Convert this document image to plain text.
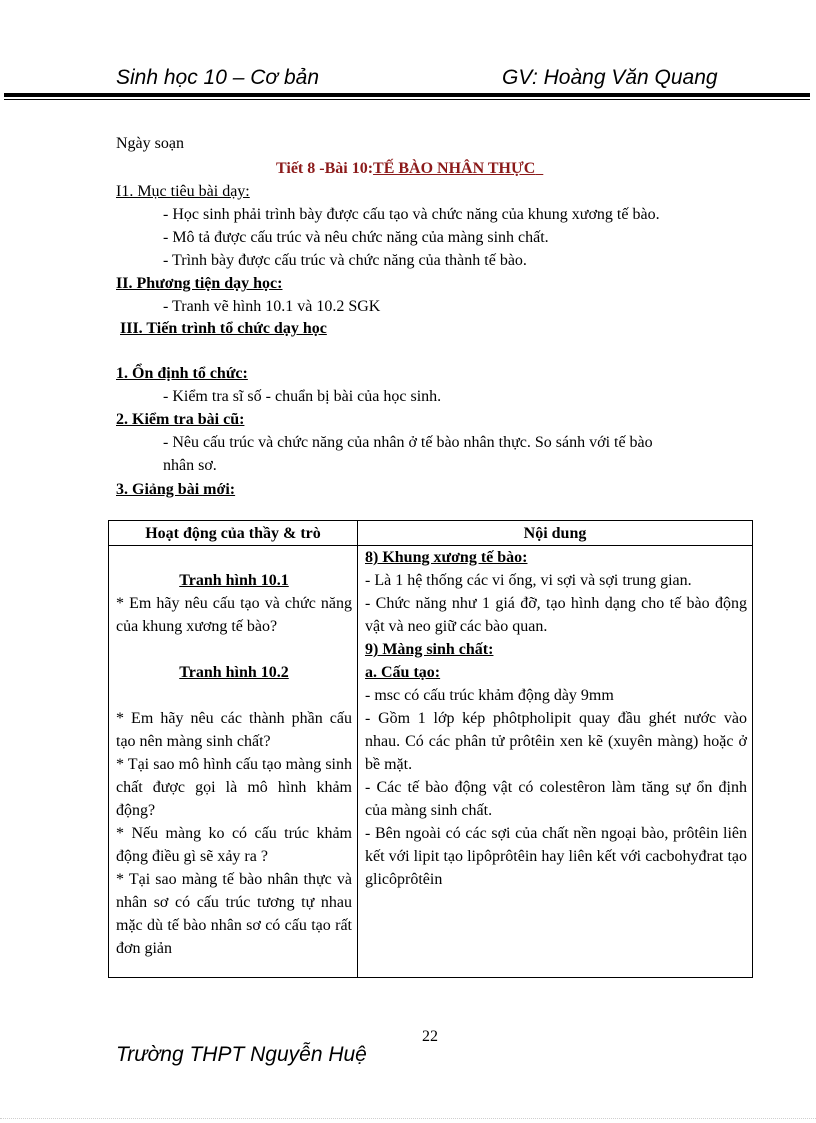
Sinh học 10 – Cơ bản	GV: Hoàng Văn Quang
Ngày soạn
Tiết 8 -Bài 10:TẾ BÀO NHÂN THỰC
I1. Mục tiêu bài dạy:
- Học sinh phải trình bày được cấu tạo và chức năng của khung xương tế bào.
- Mô tả được cấu trúc và nêu chức năng của màng sinh chất.
- Trình bày được cấu trúc và chức năng của thành tế bào.
II. Phương tiện dạy học:
- Tranh vẽ hình 10.1 và 10.2 SGK
III. Tiến trình tổ chức dạy học
1. Ổn định tổ chức:
- Kiểm tra sĩ số - chuẩn bị bài của học sinh.
2. Kiểm tra bài cũ:
- Nêu cấu trúc và chức năng của nhân ở tế bào nhân thực. So sánh với tế bào
nhân sơ.
3. Giảng bài mới:
Hoạt động của thầy & trò	Nội dung

Tranh hình 10.1

* Em hãy nêu cấu tạo và chức năng của khung xương tế bào?

Tranh hình 10.2

* Em hãy nêu các thành phần cấu tạo nên màng sinh chất?

* Tại sao mô hình cấu tạo màng sinh chất được gọi là mô hình khảm động?

* Nếu màng ko có cấu trúc khảm động điều gì sẽ xảy ra ?

* Tại sao màng tế bào nhân thực và nhân sơ có cấu trúc tương tự nhau mặc dù tế bào nhân sơ có cấu tạo rất đơn giản

8) Khung xương tế bào:

- Là 1 hệ thống các vi ống, vi sợi và sợi trung gian.

- Chức năng như 1 giá đỡ, tạo hình dạng cho tế bào động vật và neo giữ các bào quan.

9) Màng sinh chất:

a. Cấu tạo:

- msc có cấu trúc khảm động dày 9mm

- Gồm 1 lớp kép phôtpholipit quay đầu ghét nước vào nhau. Có các phân tử prôtêin xen kẽ (xuyên màng) hoặc ở bề mặt.

- Các tế bào động vật có colestêron làm tăng sự ổn định của màng sinh chất.

- Bên ngoài có các sợi của chất nền ngoại bào, prôtêin liên kết với lipit tạo lipôprôtêin hay liên kết với cacbohyđrat tạo glicôprôtêin

22
Trường THPT Nguyễn Huệ
